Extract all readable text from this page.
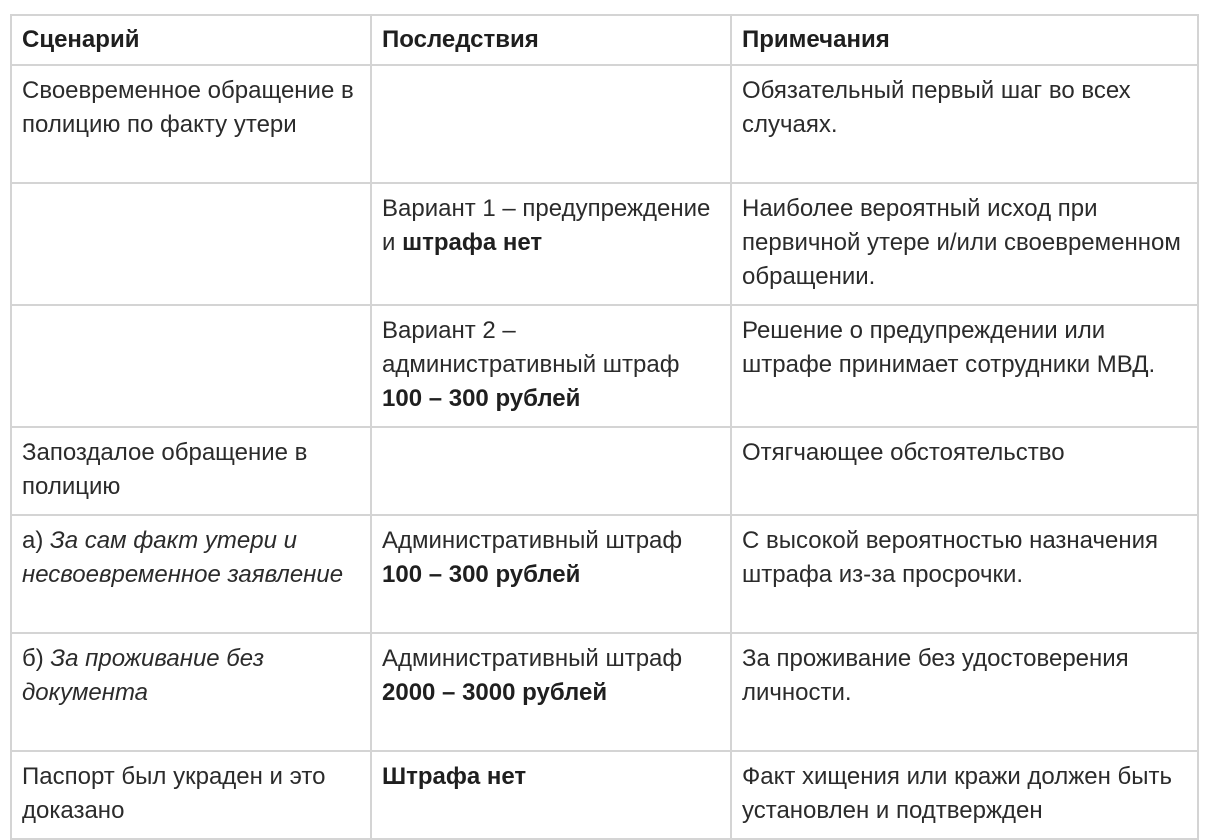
Сценарий	Последствия	Примечания
Своевременное обращение в полицию по факту утери		Обязательный первый шаг во всех случаях.
	Вариант 1 – предупреждение и штрафа нет	Наиболее вероятный исход при первичной утере и/или своевременном обращении.
	Вариант 2 – административный штраф 100 – 300 рублей	Решение о предупреждении или штрафе принимает сотрудники МВД.
Запоздалое обращение в полицию		Отягчающее обстоятельство
а) За сам факт утери и несвоевременное заявление	Административный штраф 100 – 300 рублей	С высокой вероятностью назначения штрафа из-за просрочки.
б) За проживание без документа	Административный штраф 2000 – 3000 рублей	За проживание без удостоверения личности.
Паспорт был украден и это доказано	Штрафа нет	Факт хищения или кражи должен быть установлен и подтвержден
